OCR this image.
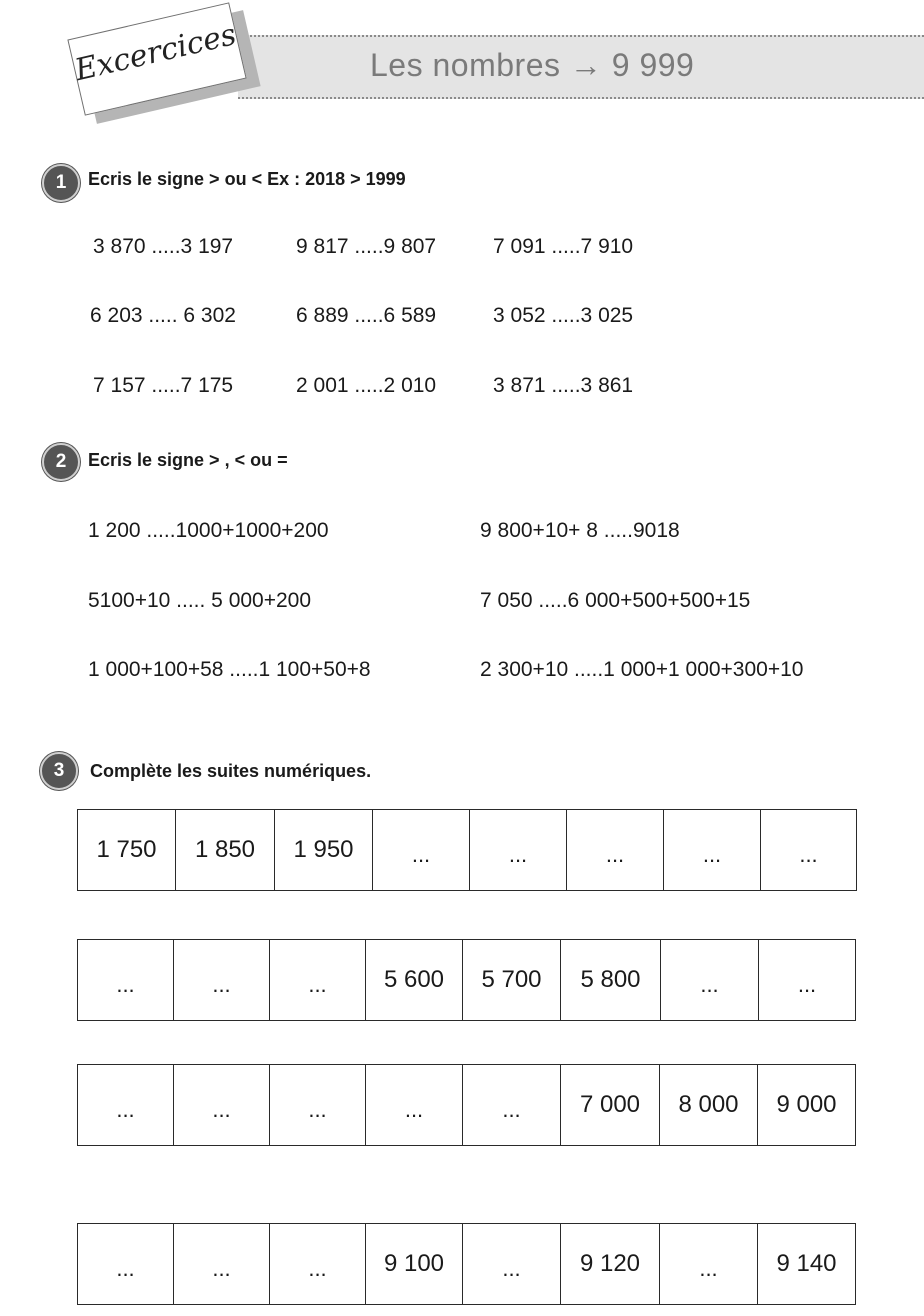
Les nombres → 9 999
Excercices
1	Ecris le signe > ou < Ex : 2018 > 1999
3 870 .....3 197	9 817 .....9 807	7 091 .....7 910
6 203 ..... 6 302	6 889 .....6 589	3 052 .....3 025
7 157 .....7 175	2 001 .....2 010	3 871 .....3 861
2	Ecris le signe > , < ou =
1 200 .....1000+1000+200	9 800+10+ 8 .....9018
5100+10 ..... 5 000+200	7 050 .....6 000+500+500+15
1 000+100+58 .....1 100+50+8	2 300+10 .....1 000+1 000+300+10
3	Complète les suites numériques.
1 750	1 850	1 950	...	...	...	...	...
...	...	...	5 600	5 700	5 800	...	...
...	...	...	...	...	7 000	8 000	9 000
...	...	...	9 100	...	9 120	...	9 140
